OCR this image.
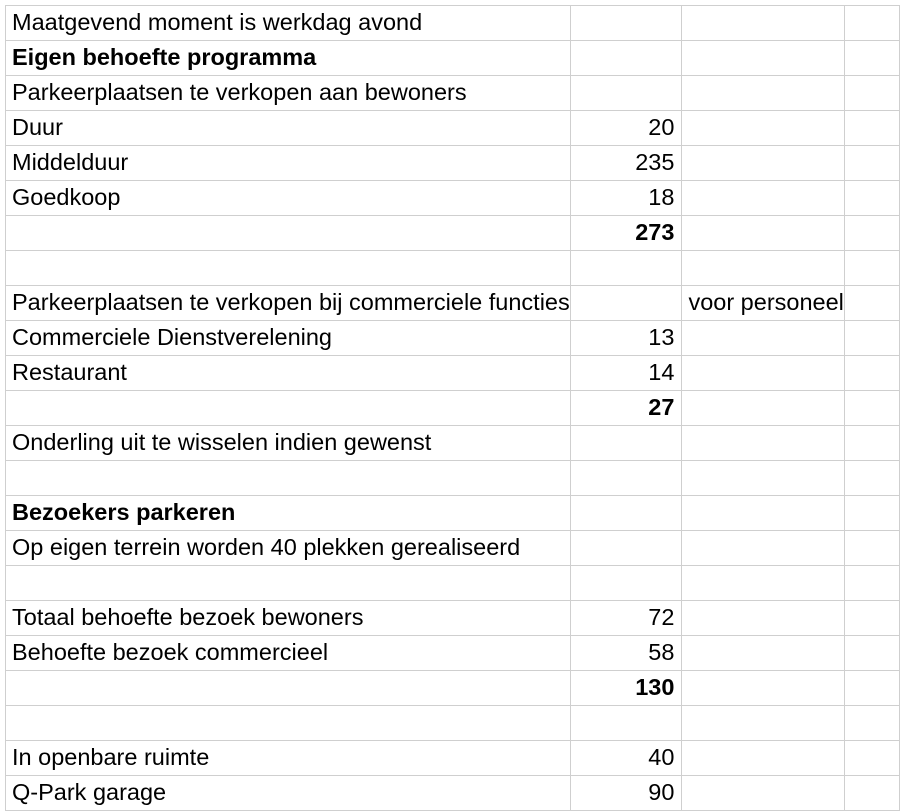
Maatgevend moment is werkdag avond			
Eigen behoefte programma			
Parkeerplaatsen te verkopen aan bewoners			
Duur	20		
Middelduur	235		
Goedkoop	18		
	273		

Parkeerplaatsen te verkopen bij commerciele functies		voor personeel	
Commerciele Dienstverelening	13		
Restaurant	14		
	27		
Onderling uit te wisselen indien gewenst			

Bezoekers parkeren			
Op eigen terrein worden 40 plekken gerealiseerd			

Totaal behoefte bezoek bewoners	72		
Behoefte bezoek commercieel	58		
	130		

In openbare ruimte	40		
Q-Park garage	90		
